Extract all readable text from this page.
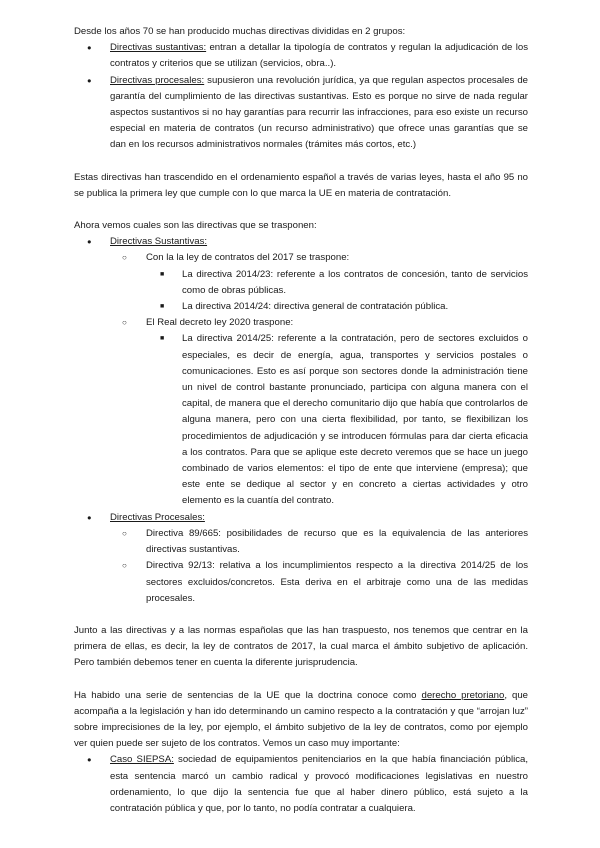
Desde los años 70 se han producido muchas directivas divididas en 2 grupos:

● Directivas sustantivas: entran a detallar la tipología de contratos y regulan la adjudicación de los contratos y criterios que se utilizan (servicios, obra..).
● Directivas procesales: supusieron una revolución jurídica, ya que regulan aspectos procesales de garantía del cumplimiento de las directivas sustantivas. Esto es porque no sirve de nada regular aspectos sustantivos si no hay garantías para recurrir las infracciones, para eso existe un recurso especial en materia de contratos (un recurso administrativo) que ofrece unas garantías que se dan en los recursos administrativos normales (trámites más cortos, etc.)

Estas directivas han trascendido en el ordenamiento español a través de varias leyes, hasta el año 95 no se publica la primera ley que cumple con lo que marca la UE en materia de contratación.

Ahora vemos cuales son las directivas que se trasponen:

● Directivas Sustantivas:
○ Con la la ley de contratos del 2017 se traspone:
■ La directiva 2014/23: referente a los contratos de concesión, tanto de servicios como de obras públicas.
■ La directiva 2014/24: directiva general de contratación pública.
○ El Real decreto ley 2020 traspone:
■ La directiva 2014/25: referente a la contratación, pero de sectores excluidos o especiales, es decir de energía, agua, transportes y servicios postales o comunicaciones. Esto es así porque son sectores donde la administración tiene un nivel de control bastante pronunciado, participa con alguna manera con el capital, de manera que el derecho comunitario dijo que había que controlarlos de alguna manera, pero con una cierta flexibilidad, por tanto, se flexibilizan los procedimientos de adjudicación y se introducen fórmulas para dar cierta eficacia a los contratos. Para que se aplique este decreto veremos que se hace un juego combinado de varios elementos: el tipo de ente que interviene (empresa); que este ente se dedique al sector y en concreto a ciertas actividades y otro elemento es la cuantía del contrato.
● Directivas Procesales:
○ Directiva 89/665: posibilidades de recurso que es la equivalencia de las anteriores directivas sustantivas.
○ Directiva 92/13: relativa a los incumplimientos respecto a la directiva 2014/25 de los sectores excluidos/concretos. Esta deriva en el arbitraje como una de las medidas procesales.

Junto a las directivas y a las normas españolas que las han traspuesto, nos tenemos que centrar en la primera de ellas, es decir, la ley de contratos de 2017, la cual marca el ámbito subjetivo de aplicación. Pero también debemos tener en cuenta la diferente jurisprudencia.

Ha habido una serie de sentencias de la UE que la doctrina conoce como derecho pretoriano, que acompaña a la legislación y han ido determinando un camino respecto a la contratación y que “arrojan luz” sobre imprecisiones de la ley, por ejemplo, el ámbito subjetivo de la ley de contratos, como por ejemplo ver quien puede ser sujeto de los contratos. Vemos un caso muy importante:

● Caso SIEPSA: sociedad de equipamientos penitenciarios en la que había financiación pública, esta sentencia marcó un cambio radical y provocó modificaciones legislativas en nuestro ordenamiento, lo que dijo la sentencia fue que al haber dinero público, está sujeto a la contratación pública y que, por lo tanto, no podía contratar a cualquiera.
